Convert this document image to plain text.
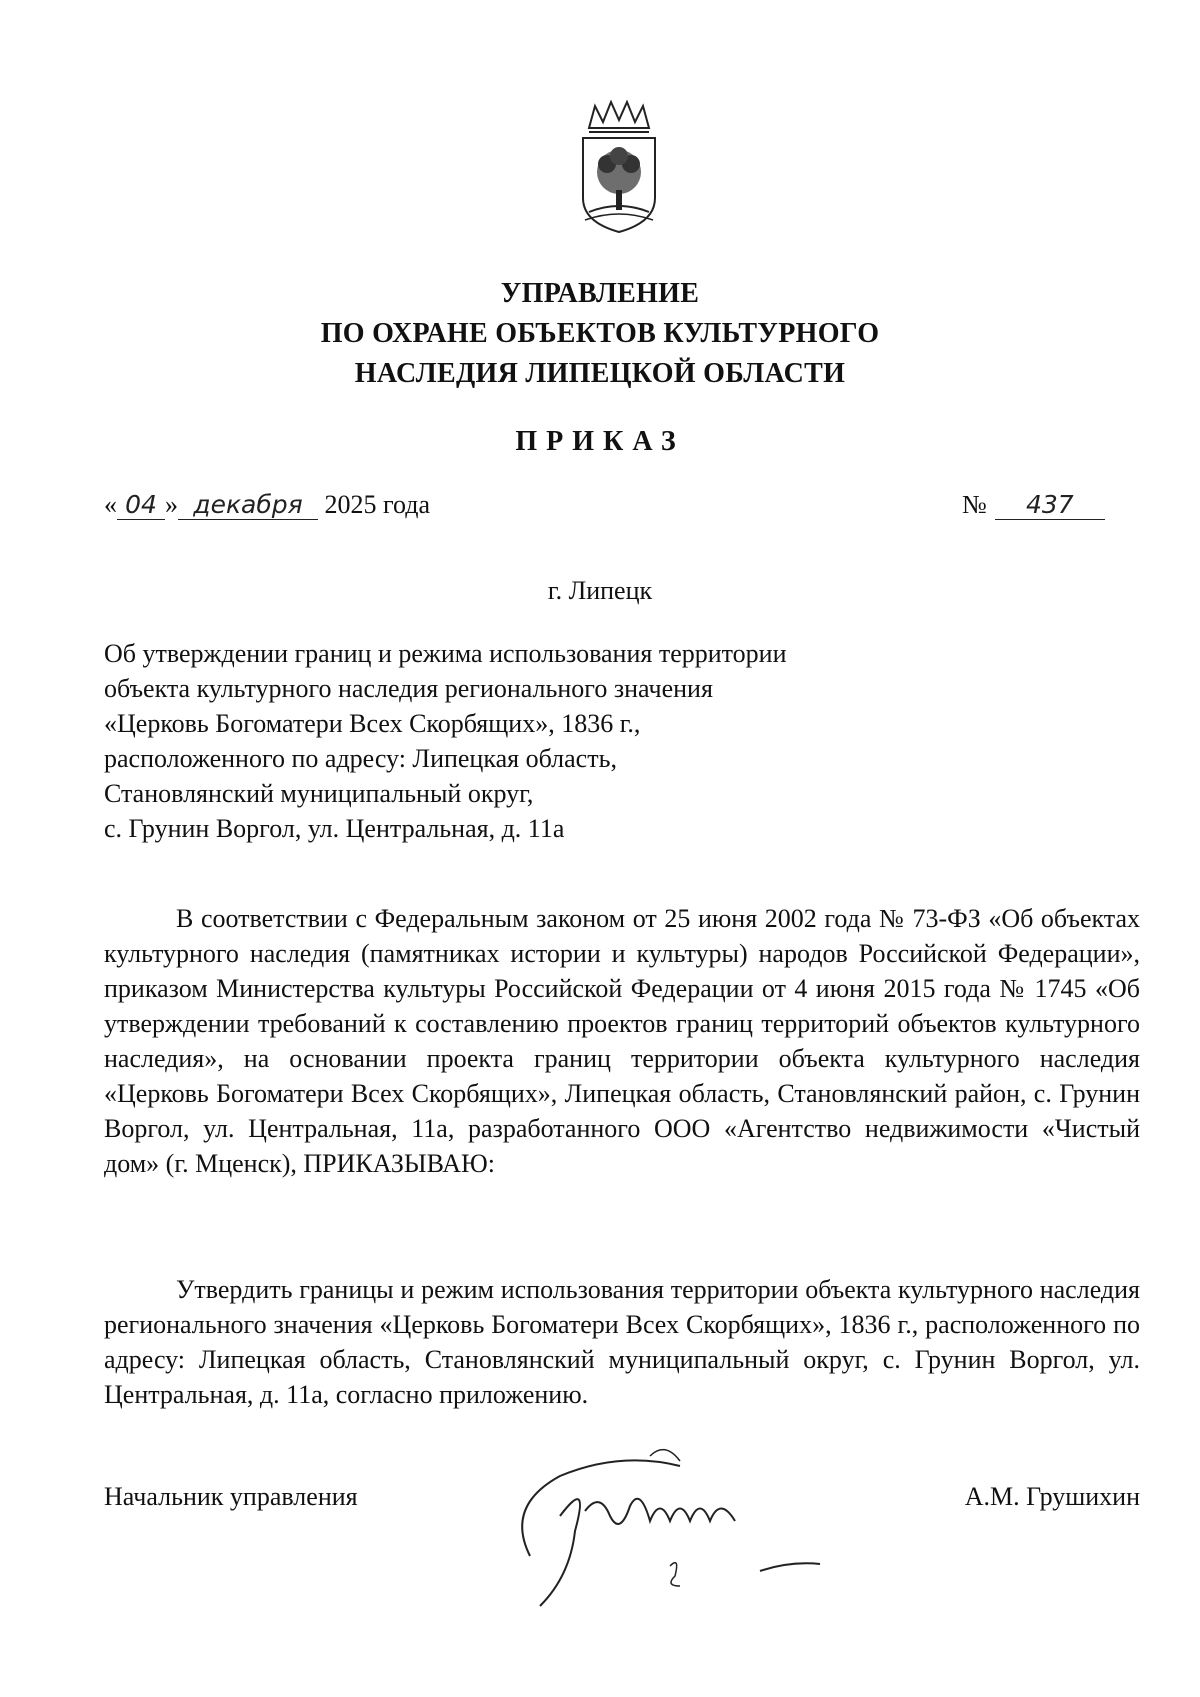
УПРАВЛЕНИЕ
ПО ОХРАНЕ ОБЪЕКТОВ КУЛЬТУРНОГО
НАСЛЕДИЯ ЛИПЕЦКОЙ ОБЛАСТИ
ПРИКАЗ
« 04 » декабря 2025 года	№ 437
г. Липецк
Об утверждении границ и режима использования территории
объекта культурного наследия регионального значения
«Церковь Богоматери Всех Скорбящих», 1836 г.,
расположенного по адресу: Липецкая область,
Становлянский муниципальный округ,
с. Грунин Воргол, ул. Центральная, д. 11а
В соответствии с Федеральным законом от 25 июня 2002 года № 73-ФЗ «Об объектах культурного наследия (памятниках истории и культуры) народов Российской Федерации», приказом Министерства культуры Российской Федерации от 4 июня 2015 года № 1745 «Об утверждении требований к составлению проектов границ территорий объектов культурного наследия», на основании проекта границ территории объекта культурного наследия «Церковь Богоматери Всех Скорбящих», Липецкая область, Становлянский район, с. Грунин Воргол, ул. Центральная, 11а, разработанного ООО «Агентство недвижимости «Чистый дом» (г. Мценск), ПРИКАЗЫВАЮ:
Утвердить границы и режим использования территории объекта культурного наследия регионального значения «Церковь Богоматери Всех Скорбящих», 1836 г., расположенного по адресу: Липецкая область, Становлянский муниципальный округ, с. Грунин Воргол, ул. Центральная, д. 11а, согласно приложению.
Начальник управления	А.М. Грушихин
